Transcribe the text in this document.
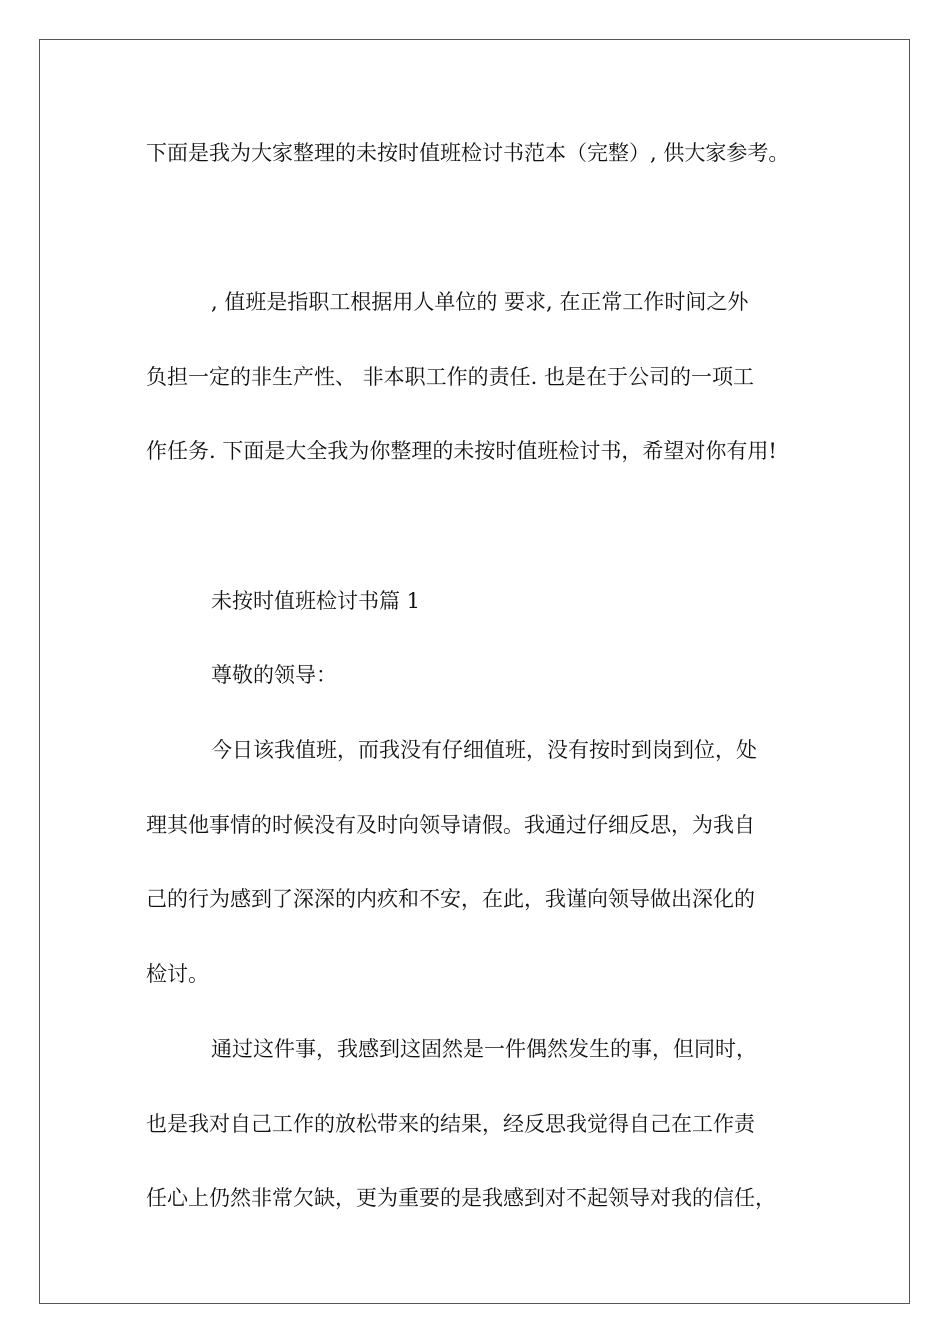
下面是我为大家整理的未按时值班检讨书范本（完整）, 供大家参考。

, 值班是指职工根据用人单位的 要求, 在正常工作时间之外

负担一定的非生产性、 非本职工作的责任. 也是在于公司的一项工

作任务. 下面是大全我为你整理的未按时值班检讨书，希望对你有用!

未按时值班检讨书篇 1

尊敬的领导：

今日该我值班，而我没有仔细值班，没有按时到岗到位，处

理其他事情的时候没有及时向领导请假。我通过仔细反思，为我自

己的行为感到了深深的内疚和不安，在此，我谨向领导做出深化的

检讨。

通过这件事，我感到这固然是一件偶然发生的事，但同时，

也是我对自己工作的放松带来的结果，经反思我觉得自己在工作责

任心上仍然非常欠缺，更为重要的是我感到对不起领导对我的信任，
